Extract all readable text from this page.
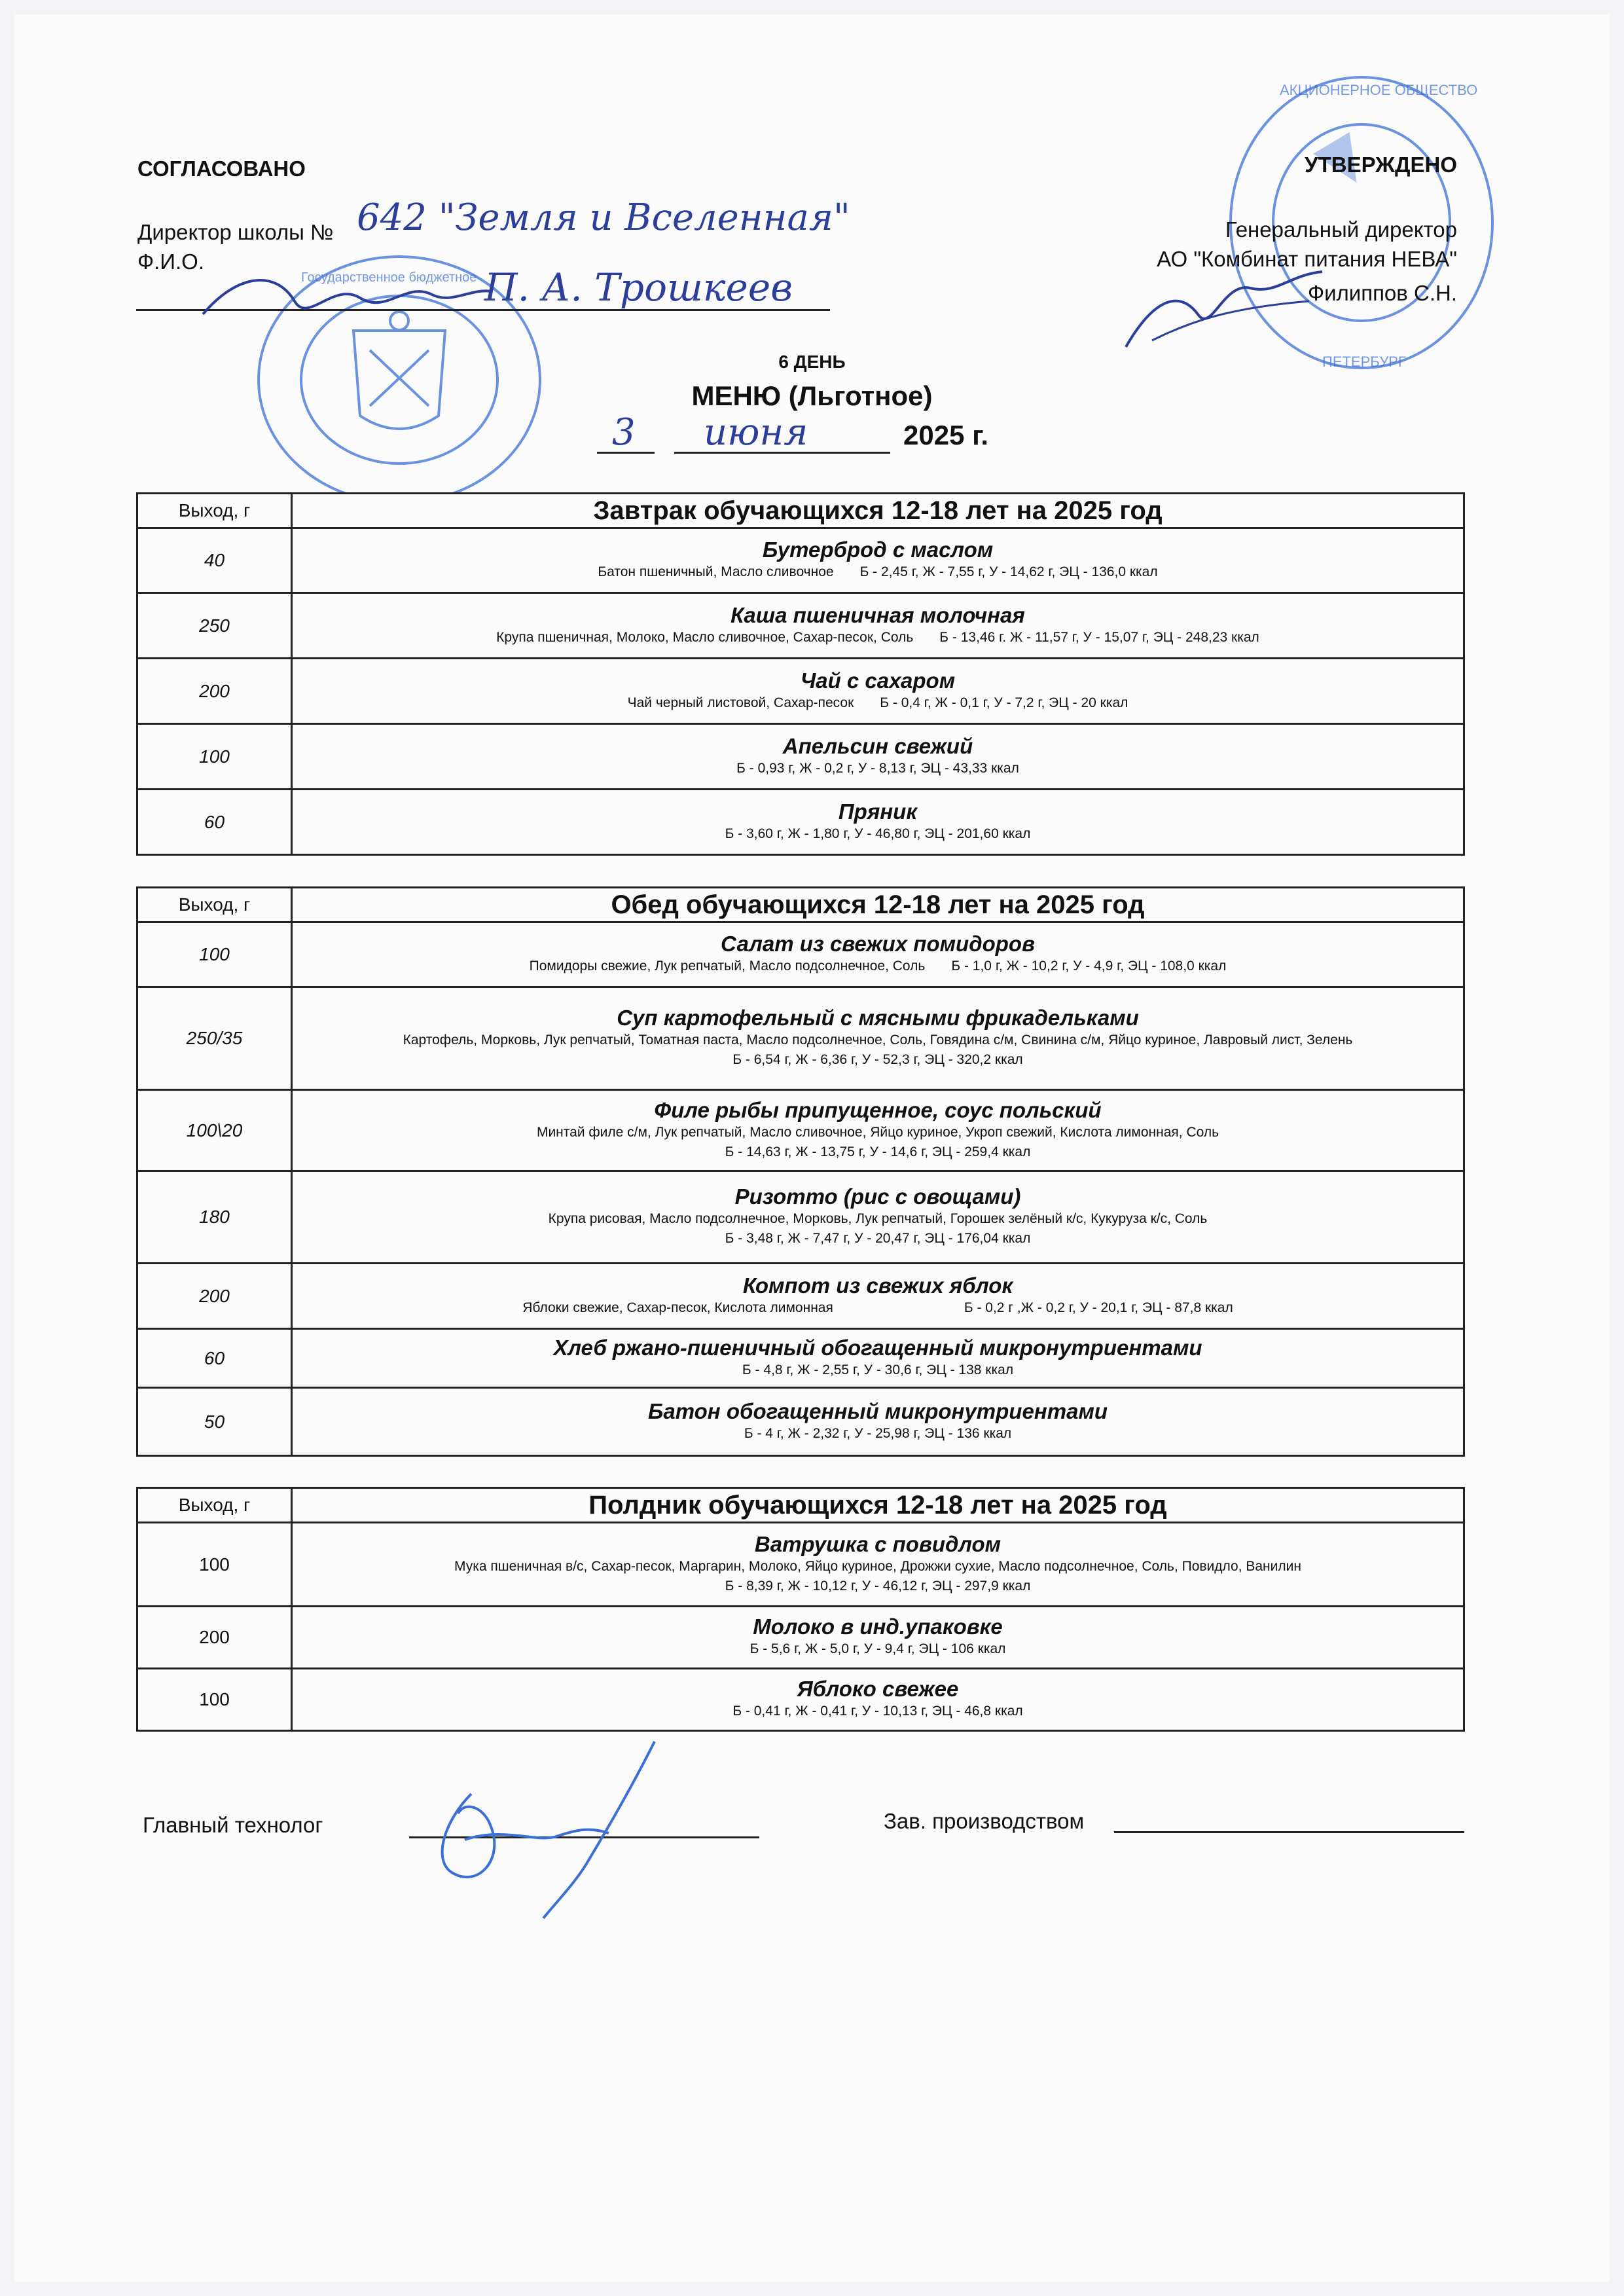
Государственное бюджетное
АКЦИОНЕРНОЕ ОБЩЕСТВО
ПЕТЕРБУРГ
СОГЛАСОВАНО
Директор школы № 642 "Земля и Вселенная"
Ф.И.О.
П. А. Трошкеев
УТВЕРЖДЕНО
Генеральный директор
АО "Комбинат питания НЕВА"
Филиппов С.Н.
6 ДЕНЬ
МЕНЮ (Льготное)
3 июня	2025 г.
Выход, г	Завтрак обучающихся 12-18 лет на 2025 год
40	Бутерброд с маслом
Батон пшеничный, Масло сливочное Б - 2,45 г, Ж - 7,55 г, У - 14,62 г, ЭЦ - 136,0 ккал

250	Каша пшеничная молочная
Крупа пшеничная, Молоко, Масло сливочное, Сахар-песок, Соль Б - 13,46 г. Ж - 11,57 г, У - 15,07 г, ЭЦ - 248,23 ккал

200	Чай с сахаром
Чай черный листовой, Сахар-песок Б - 0,4 г, Ж - 0,1 г, У - 7,2 г, ЭЦ - 20 ккал

100	Апельсин свежий
Б - 0,93 г, Ж - 0,2 г, У - 8,13 г, ЭЦ - 43,33 ккал

60	Пряник
Б - 3,60 г, Ж - 1,80 г, У - 46,80 г, ЭЦ - 201,60 ккал
Выход, г	Обед обучающихся 12-18 лет на 2025 год
100	Салат из свежих помидоров
Помидоры свежие, Лук репчатый, Масло подсолнечное, Соль Б - 1,0 г, Ж - 10,2 г, У - 4,9 г, ЭЦ - 108,0 ккал

250/35	Суп картофельный с мясными фрикадельками
Картофель, Морковь, Лук репчатый, Томатная паста, Масло подсолнечное, Соль, Говядина с/м, Свинина с/м, Яйцо куриное, Лавровый лист, Зелень
Б - 6,54 г, Ж - 6,36 г, У - 52,3 г, ЭЦ - 320,2 ккал

100\20	Филе рыбы припущенное, соус польский
Минтай филе с/м, Лук репчатый, Масло сливочное, Яйцо куриное, Укроп свежий, Кислота лимонная, Соль
Б - 14,63 г, Ж - 13,75 г, У - 14,6 г, ЭЦ - 259,4 ккал

180	Ризотто (рис с овощами)
Крупа рисовая, Масло подсолнечное, Морковь, Лук репчатый, Горошек зелёный к/с, Кукуруза к/с, Соль
Б - 3,48 г, Ж - 7,47 г, У - 20,47 г, ЭЦ - 176,04 ккал

200	Компот из свежих яблок
Яблоки свежие, Сахар-песок, Кислота лимонная Б - 0,2 г ,Ж - 0,2 г, У - 20,1 г, ЭЦ - 87,8 ккал

60	Хлеб ржано-пшеничный обогащенный микронутриентами
Б - 4,8 г, Ж - 2,55 г, У - 30,6 г, ЭЦ - 138 ккал

50	Батон обогащенный микронутриентами
Б - 4 г, Ж - 2,32 г, У - 25,98 г, ЭЦ - 136 ккал
Выход, г	Полдник обучающихся 12-18 лет на 2025 год
100	Ватрушка с повидлом
Мука пшеничная в/с, Сахар-песок, Маргарин, Молоко, Яйцо куриное, Дрожжи сухие, Масло подсолнечное, Соль, Повидло, Ванилин
Б - 8,39 г, Ж - 10,12 г, У - 46,12 г, ЭЦ - 297,9 ккал

200	Молоко в инд.упаковке
Б - 5,6 г, Ж - 5,0 г, У - 9,4 г, ЭЦ - 106 ккал

100	Яблоко свежее
Б - 0,41 г, Ж - 0,41 г, У - 10,13 г, ЭЦ - 46,8 ккал
Главный технолог	Зав. производством
